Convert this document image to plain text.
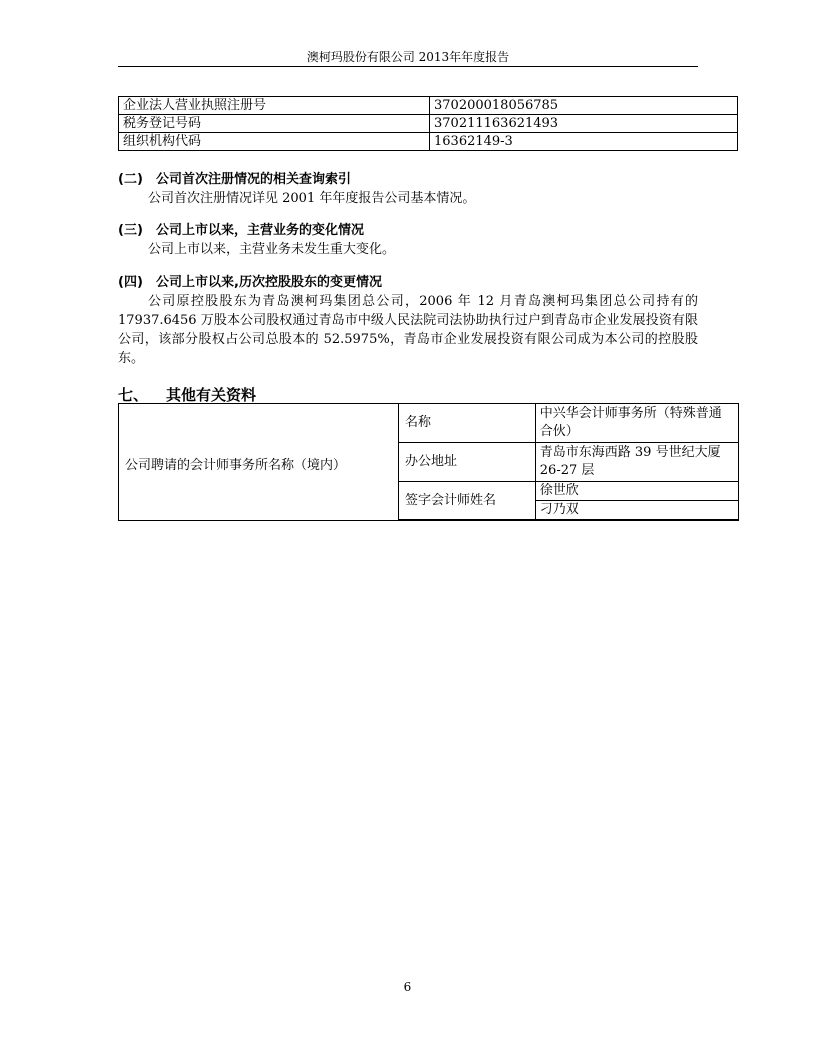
澳柯玛股份有限公司 2013年年度报告
企业法人营业执照注册号	370200018056785
税务登记号码	370211163621493
组织机构代码	16362149-3
(二) 公司首次注册情况的相关查询索引
公司首次注册情况详见 2001 年年度报告公司基本情况。
(三) 公司上市以来，主营业务的变化情况
公司上市以来，主营业务未发生重大变化。
(四) 公司上市以来,历次控股股东的变更情况
公司原控股股东为青岛澳柯玛集团总公司，2006 年 12 月青岛澳柯玛集团总公司持有的 17937.6456 万股本公司股权通过青岛市中级人民法院司法协助执行过户到青岛市企业发展投资有限公司，该部分股权占公司总股本的 52.5975%，青岛市企业发展投资有限公司成为本公司的控股股东。
七、 其他有关资料
公司聘请的会计师事务所名称（境内）
名称	中兴华会计师事务所（特殊普通合伙）
办公地址	青岛市东海西路 39 号世纪大厦 26-27 层
签字会计师姓名	徐世欣
	刁乃双
6
